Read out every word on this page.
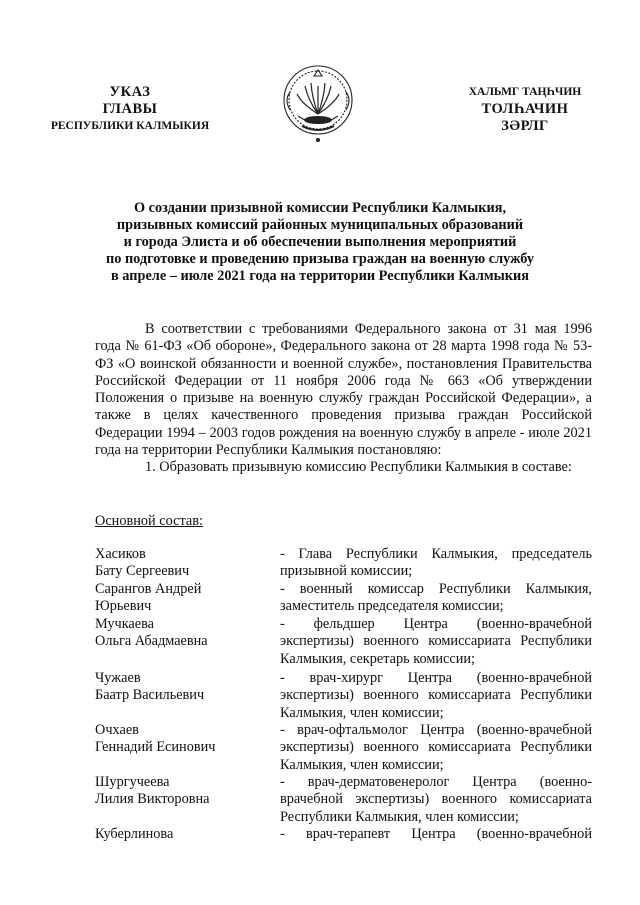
УКАЗ
ГЛАВЫ
РЕСПУБЛИКИ КАЛМЫКИЯ
ХАЛЬМГ ТАҢҺЧИН
ТОЛҺАЧИН
ЗӘРЛГ
О создании призывной комиссии Республики Калмыкия,
призывных комиссий районных муниципальных образований
и города Элиста и об обеспечении выполнения мероприятий
по подготовке и проведению призыва граждан на военную службу
в апреле – июле 2021 года на территории Республики Калмыкия

В соответствии с требованиями Федерального закона от 31 мая 1996 года № 61-ФЗ «Об обороне», Федерального закона от 28 марта 1998 года № 53-ФЗ «О воинской обязанности и военной службе», постановления Правительства Российской Федерации от 11 ноября 2006 года № 663 «Об утверждении Положения о призыве на военную службу граждан Российской Федерации», а также в целях качественного проведения призыва граждан Российской Федерации 1994 – 2003 годов рождения на военную службу в апреле - июле 2021 года на территории Республики Калмыкия постановляю:

1. Образовать призывную комиссию Республики Калмыкия в составе:

Основной состав:
Хасиков
Бату Сергеевич
- Глава Республики Калмыкия, председатель
призывной комиссии;
Сарангов Андрей
Юрьевич
- военный комиссар Республики Калмыкия,
заместитель председателя комиссии;
Мучкаева
Ольга Абадмаевна
- фельдшер Центра (военно-врачебной
экспертизы) военного комиссариата Республики
Калмыкия, секретарь комиссии;
Чужаев
Баатр Васильевич
- врач-хирург Центра (военно-врачебной
экспертизы) военного комиссариата Республики
Калмыкия, член комиссии;
Очхаев
Геннадий Есинович
- врач-офтальмолог Центра (военно-врачебной
экспертизы) военного комиссариата Республики
Калмыкия, член комиссии;
Шургучеева
Лилия Викторовна
- врач-дерматовенеролог Центра (военно-
врачебной экспертизы) военного комиссариата
Республики Калмыкия, член комиссии;
Куберлинова	- врач-терапевт Центра (военно-врачебной
